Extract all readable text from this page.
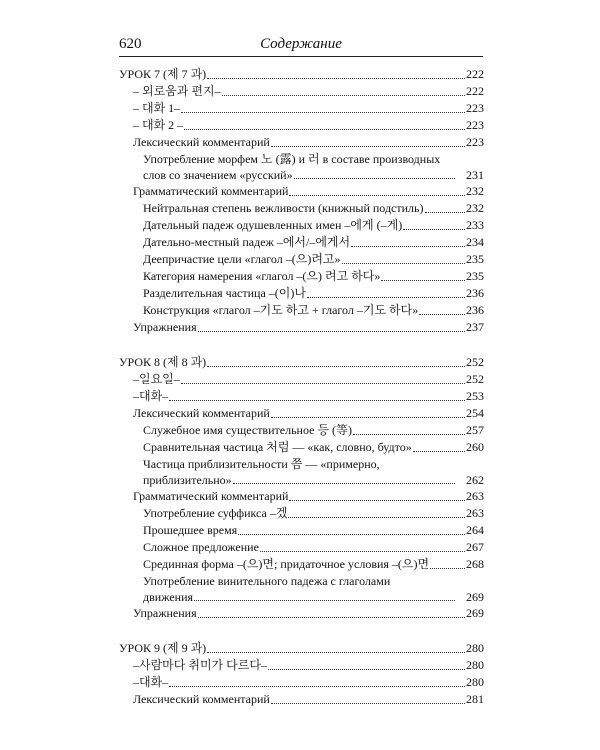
620	Содержание
УРОК 7 (제 7 과)	222
– 외로움과 편지–	222
– 대화 1–	223
– 대화 2 –	223
Лексический комментарий	223
Употребление морфем 노 (露) и 러 в составе производных
слов со значением «русский»	231
Грамматический комментарий	232
Нейтральная степень вежливости (книжный подстиль)	232
Дательный падеж одушевленных имен –에게 (–게)	233
Дательно-местный падеж –에서/–에게서	234
Деепричастие цели «глагол –(으)려고»	235
Категория намерения «глагол –(으) 려고 하다»	235
Разделительная частица –(이)나	236
Конструкция «глагол –기도 하고 + глагол –기도 하다»	236
Упражнения	237
УРОК 8 (제 8 과)	252
–일요일–	252
–대화–	253
Лексический комментарий	254
Служебное имя существительное 등 (等)	257
Сравнительная частица 처럼 — «как, словно, будто»	260
Частица приблизительности 쯤 — «примерно,
приблизительно»	262
Грамматический комментарий	263
Употребление суффикса –겠	263
Прошедшее время	264
Сложное предложение	267
Срединная форма –(으)면; придаточное условия –(으)면	268
Употребление винительного падежа с глаголами
движения	269
Упражнения	269
УРОК 9 (제 9 과)	280
–사람마다 취미가 다르다–	280
–대화–	280
Лексический комментарий	281
